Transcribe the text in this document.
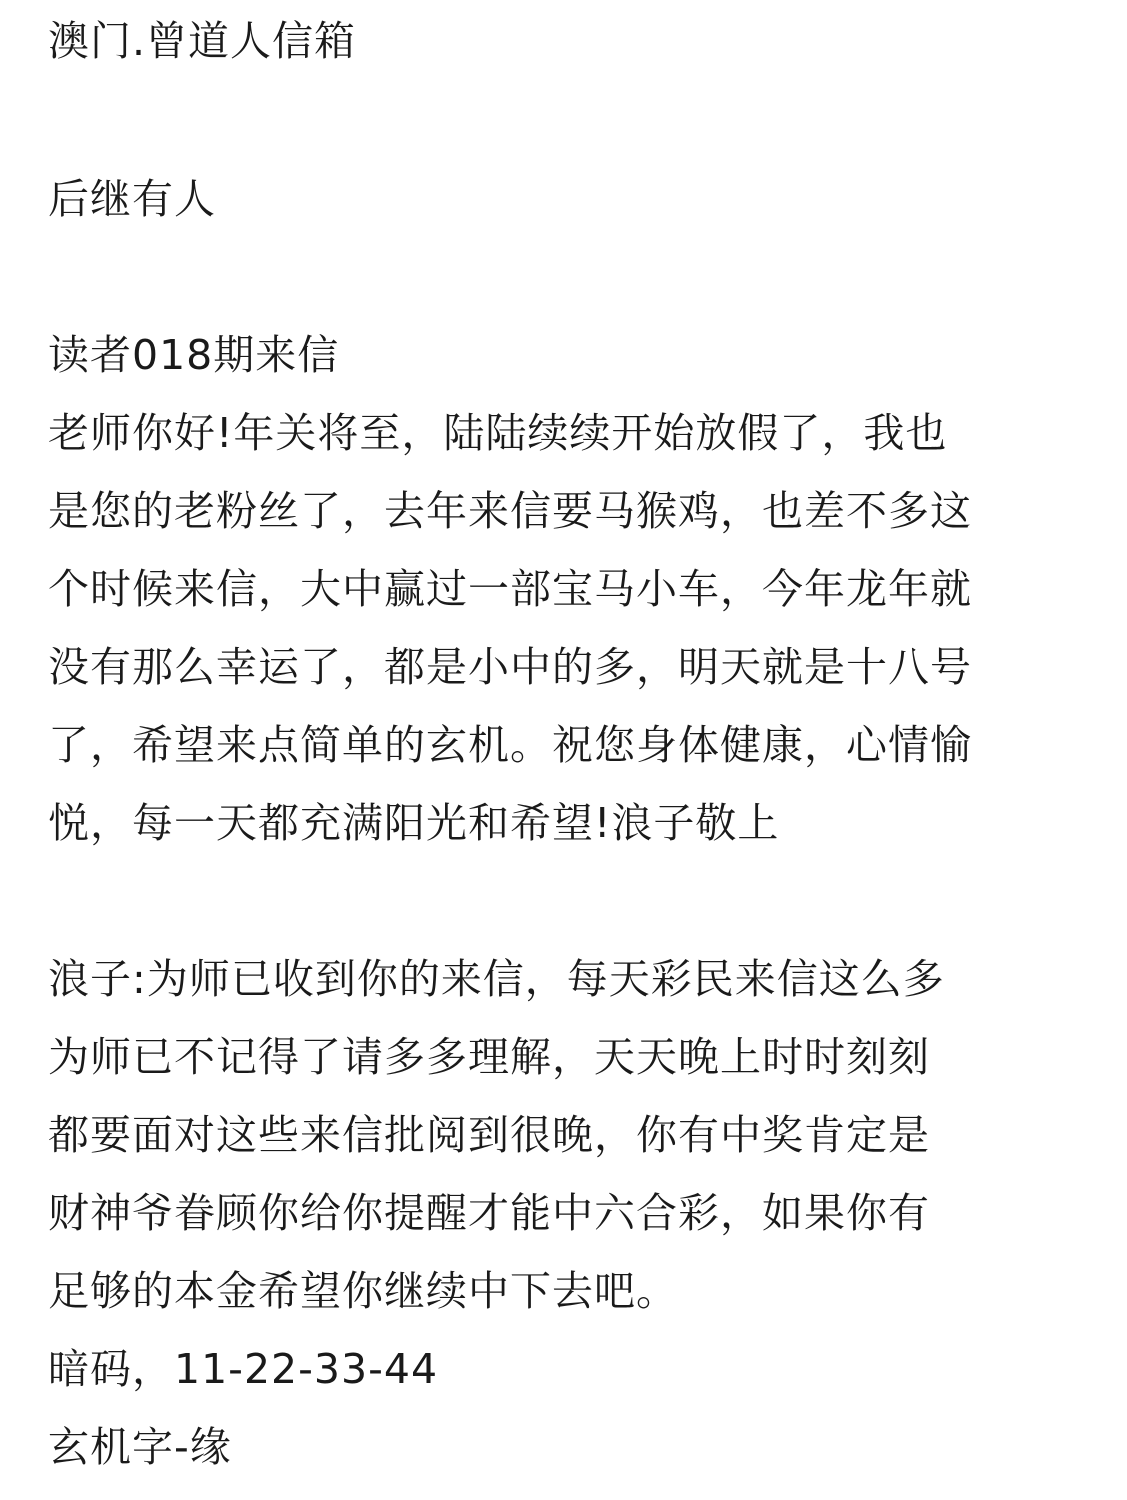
澳门.曾道人信箱
后继有人
读者018期来信
老师你好!年关将至，陆陆续续开始放假了，我也
是您的老粉丝了，去年来信要马猴鸡，也差不多这
个时候来信，大中赢过一部宝马小车，今年龙年就
没有那么幸运了，都是小中的多，明天就是十八号
了，希望来点简单的玄机。祝您身体健康，心情愉
悦，每一天都充满阳光和希望!浪子敬上
浪子:为师已收到你的来信，每天彩民来信这么多
为师已不记得了请多多理解，天天晚上时时刻刻
都要面对这些来信批阅到很晚，你有中奖肯定是
财神爷眷顾你给你提醒才能中六合彩，如果你有
足够的本金希望你继续中下去吧。
暗码，11-22-33-44
玄机字-缘
